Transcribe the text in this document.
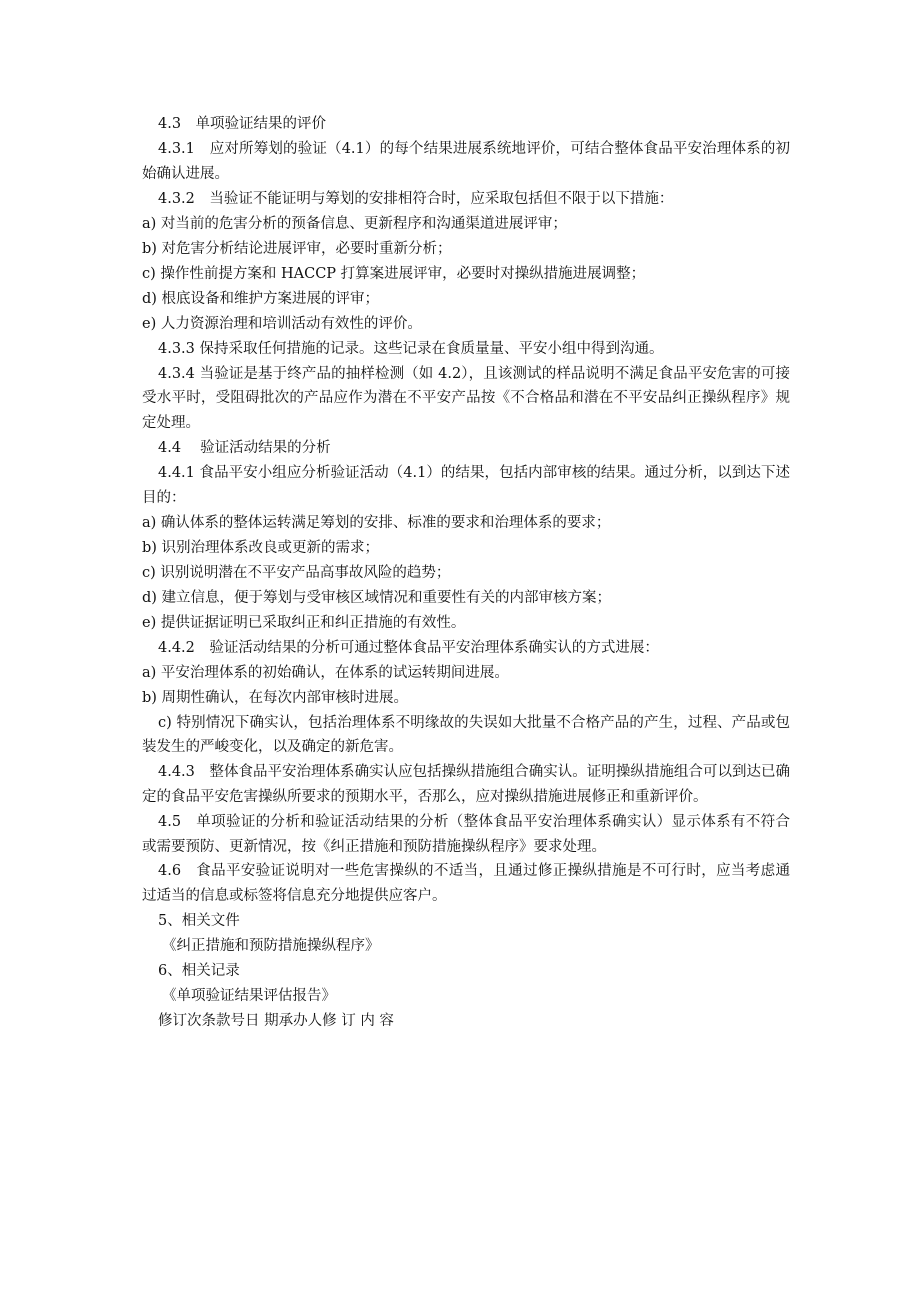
4.3　单项验证结果的评价
4.3.1　应对所筹划的验证（4.1）的每个结果进展系统地评价，可结合整体食品平安治理体系的初始确认进展。
4.3.2　当验证不能证明与筹划的安排相符合时，应采取包括但不限于以下措施：
a) 对当前的危害分析的预备信息、更新程序和沟通渠道进展评审；
b) 对危害分析结论进展评审，必要时重新分析；
c) 操作性前提方案和 HACCP 打算案进展评审，必要时对操纵措施进展调整；
d) 根底设备和维护方案进展的评审；
e) 人力资源治理和培训活动有效性的评价。
4.3.3 保持采取任何措施的记录。这些记录在食质量量、平安小组中得到沟通。
4.3.4 当验证是基于终产品的抽样检测（如 4.2），且该测试的样品说明不满足食品平安危害的可接受水平时，受阻碍批次的产品应作为潜在不平安产品按《不合格品和潜在不平安品纠正操纵程序》规定处理。
4.4　 验证活动结果的分析
4.4.1 食品平安小组应分析验证活动（4.1）的结果，包括内部审核的结果。通过分析，以到达下述目的：
a) 确认体系的整体运转满足筹划的安排、标准的要求和治理体系的要求；
b) 识别治理体系改良或更新的需求；
c) 识别说明潜在不平安产品高事故风险的趋势；
d) 建立信息，便于筹划与受审核区域情况和重要性有关的内部审核方案；
e) 提供证据证明已采取纠正和纠正措施的有效性。
4.4.2　验证活动结果的分析可通过整体食品平安治理体系确实认的方式进展：
a) 平安治理体系的初始确认，在体系的试运转期间进展。
b) 周期性确认，在每次内部审核时进展。
c) 特别情况下确实认，包括治理体系不明缘故的失误如大批量不合格产品的产生，过程、产品或包装发生的严峻变化，以及确定的新危害。
4.4.3　整体食品平安治理体系确实认应包括操纵措施组合确实认。证明操纵措施组合可以到达已确定的食品平安危害操纵所要求的预期水平，否那么，应对操纵措施进展修正和重新评价。
4.5　单项验证的分析和验证活动结果的分析（整体食品平安治理体系确实认）显示体系有不符合或需要预防、更新情况，按《纠正措施和预防措施操纵程序》要求处理。
4.6　食品平安验证说明对一些危害操纵的不适当，且通过修正操纵措施是不可行时，应当考虑通过适当的信息或标签将信息充分地提供应客户。
5、相关文件
《纠正措施和预防措施操纵程序》
6、相关记录
《单项验证结果评估报告》
修订次条款号日 期承办人修 订 内 容
